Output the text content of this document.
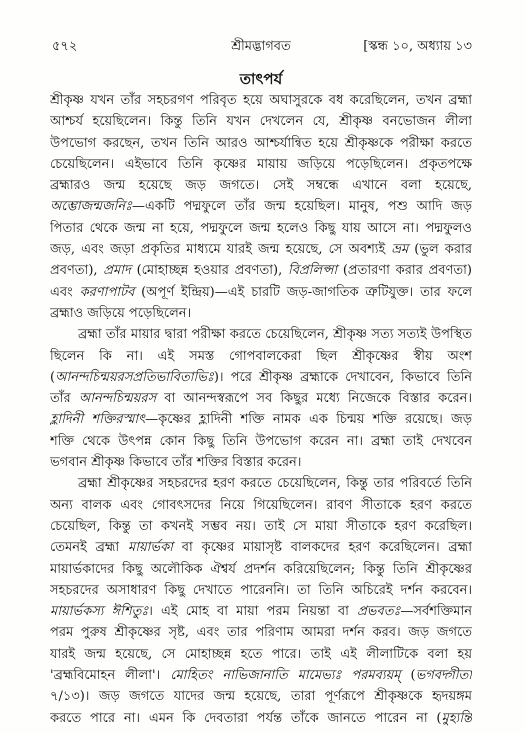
শ্রীমদ্ভাগবত
৫৭২	[স্কন্ধ ১০, অধ্যায় ১৩
তাৎপর্য
শ্রীকৃষ্ণ যখন তাঁর সহচরগণ পরিবৃত হয়ে অঘাসুরকে বধ করেছিলেন, তখন ব্রহ্মা
আশ্চর্য হয়েছিলেন। কিন্তু তিনি যখন দেখলেন যে, শ্রীকৃষ্ণ বনভোজন লীলা
উপভোগ করছেন, তখন তিনি আরও আশ্চর্যান্বিত হয়ে শ্রীকৃষ্ণকে পরীক্ষা করতে
চেয়েছিলেন। এইভাবে তিনি কৃষ্ণের মায়ায় জড়িয়ে পড়েছিলেন। প্রকৃতপক্ষে
ব্রহ্মারও জন্ম হয়েছে জড় জগতে। সেই সম্বন্ধে এখানে বলা হয়েছে,
অম্ভোজন্মজনিঃ—একটি পদ্মফুলে তাঁর জন্ম হয়েছিল। মানুষ, পশু আদি জড়
পিতার থেকে জন্ম না হয়ে, পদ্মফুলে জন্ম হলেও কিছু যায় আসে না। পদ্মফুলও
জড়, এবং জড়া প্রকৃতির মাধ্যমে যারই জন্ম হয়েছে, সে অবশ্যই ভ্রম (ভুল করার
প্রবণতা), প্রমাদ (মোহাচ্ছন্ন হওয়ার প্রবণতা), বিপ্রলিপ্সা (প্রতারণা করার প্রবণতা)
এবং করণাপাটব (অপূর্ণ ইন্দ্রিয়)—এই চারটি জড়-জাগতিক ত্রুটিযুক্ত। তার ফলে
ব্রহ্মাও জড়িয়ে পড়েছিলেন।
ব্রহ্মা তাঁর মায়ার দ্বারা পরীক্ষা করতে চেয়েছিলেন, শ্রীকৃষ্ণ সত্য সত্যই উপস্থিত
ছিলেন কি না। এই সমস্ত গোপবালকেরা ছিল শ্রীকৃষ্ণের স্বীয় অংশ
(আনন্দচিন্ময়রসপ্রতিভাবিতাভিঃ)। পরে শ্রীকৃষ্ণ ব্রহ্মাকে দেখাবেন, কিভাবে তিনি
তাঁর আনন্দচিন্ময়রস বা আনন্দস্বরূপে সব কিছুর মধ্যে নিজেকে বিস্তার করেন।
হ্লাদিনী শক্তিরস্মাৎ—কৃষ্ণের হ্লাদিনী শক্তি নামক এক চিন্ময় শক্তি রয়েছে। জড়
শক্তি থেকে উৎপন্ন কোন কিছু তিনি উপভোগ করেন না। ব্রহ্মা তাই দেখবেন
ভগবান শ্রীকৃষ্ণ কিভাবে তাঁর শক্তির বিস্তার করেন।
ব্রহ্মা শ্রীকৃষ্ণের সহচরদের হরণ করতে চেয়েছিলেন, কিন্তু তার পরিবর্তে তিনি
অন্য বালক এবং গোবৎসদের নিয়ে গিয়েছিলেন। রাবণ সীতাকে হরণ করতে
চেয়েছিল, কিন্তু তা কখনই সম্ভব নয়। তাই সে মায়া সীতাকে হরণ করেছিল।
তেমনই ব্রহ্মা মায়ার্ভকা বা কৃষ্ণের মায়াসৃষ্ট বালকদের হরণ করেছিলেন। ব্রহ্মা
মায়ার্ভকাদের কিছু অলৌকিক ঐশ্বর্য প্রদর্শন করিয়েছিলেন; কিন্তু তিনি শ্রীকৃষ্ণের
সহচরদের অসাধারণ কিছু দেখাতে পারেননি। তা তিনি অচিরেই দর্শন করবেন।
মায়ার্ভকস্য ঈশিতুঃ। এই মোহ বা মায়া পরম নিয়ন্তা বা প্রভবতঃ—সর্বশক্তিমান
পরম পুরুষ শ্রীকৃষ্ণের সৃষ্ট, এবং তার পরিণাম আমরা দর্শন করব। জড় জগতে
যারই জন্ম হয়েছে, সে মোহাচ্ছন্ন হতে পারে। তাই এই লীলাটিকে বলা হয়
'ব্রহ্মবিমোহন লীলা'। মোহিতং নাভিজানাতি মামেভ্যঃ পরমব্যয়ম্ (ভগবদ্গীতা
৭/১৩)। জড় জগতে যাদের জন্ম হয়েছে, তারা পূর্ণরূপে শ্রীকৃষ্ণকে হৃদয়ঙ্গম
করতে পারে না। এমন কি দেবতারা পর্যন্ত তাঁকে জানতে পারেন না (মুহ্যন্তি
